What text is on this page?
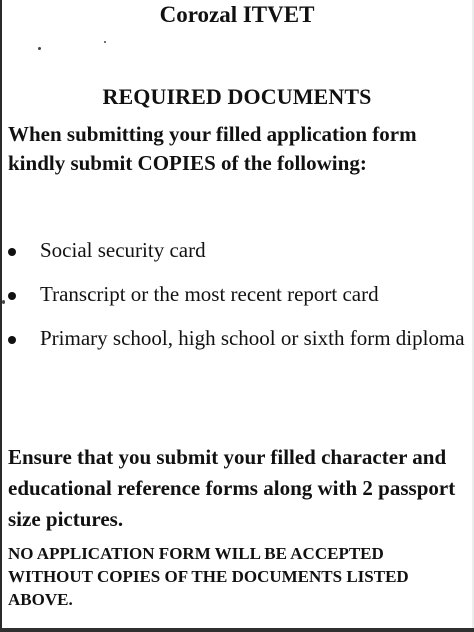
Corozal ITVET
REQUIRED DOCUMENTS

When submitting your filled application form kindly submit COPIES of the following:

Social security card
Transcript or the most recent report card
Primary school, high school or sixth form diploma

Ensure that you submit your filled character and educational reference forms along with 2 passport size pictures.

NO APPLICATION FORM WILL BE ACCEPTED WITHOUT COPIES OF THE DOCUMENTS LISTED ABOVE.
